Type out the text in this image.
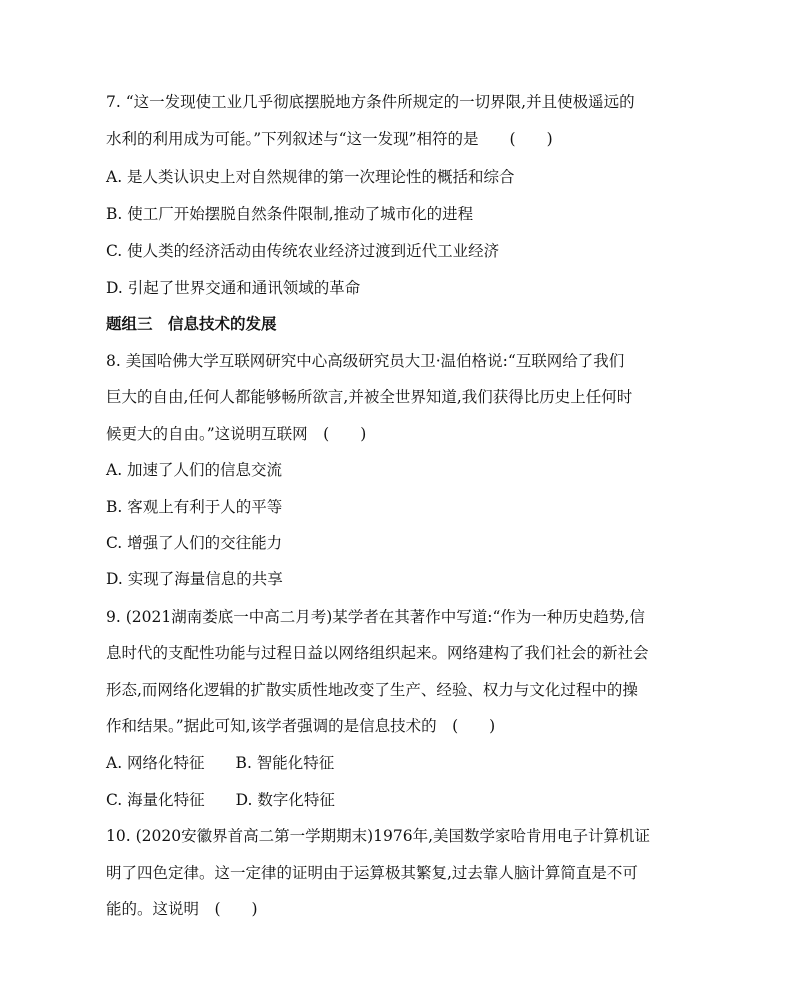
7. “这一发现使工业几乎彻底摆脱地方条件所规定的一切界限,并且使极遥远的
水利的利用成为可能。”下列叙述与“这一发现”相符的是　　(　　)
A. 是人类认识史上对自然规律的第一次理论性的概括和综合
B. 使工厂开始摆脱自然条件限制,推动了城市化的进程
C. 使人类的经济活动由传统农业经济过渡到近代工业经济
D. 引起了世界交通和通讯领域的革命
题组三　信息技术的发展
8. 美国哈佛大学互联网研究中心高级研究员大卫·温伯格说:“互联网给了我们
巨大的自由,任何人都能够畅所欲言,并被全世界知道,我们获得比历史上任何时
候更大的自由。”这说明互联网　(　　)
A. 加速了人们的信息交流
B. 客观上有利于人的平等
C. 增强了人们的交往能力
D. 实现了海量信息的共享
9. (2021湖南娄底一中高二月考)某学者在其著作中写道:“作为一种历史趋势,信
息时代的支配性功能与过程日益以网络组织起来。网络建构了我们社会的新社会
形态,而网络化逻辑的扩散实质性地改变了生产、经验、权力与文化过程中的操
作和结果。”据此可知,该学者强调的是信息技术的　(　　)
A. 网络化特征　　B. 智能化特征
C. 海量化特征　　D. 数字化特征
10. (2020安徽界首高二第一学期期末)1976年,美国数学家哈肯用电子计算机证
明了四色定律。这一定律的证明由于运算极其繁复,过去靠人脑计算简直是不可
能的。这说明　(　　)
